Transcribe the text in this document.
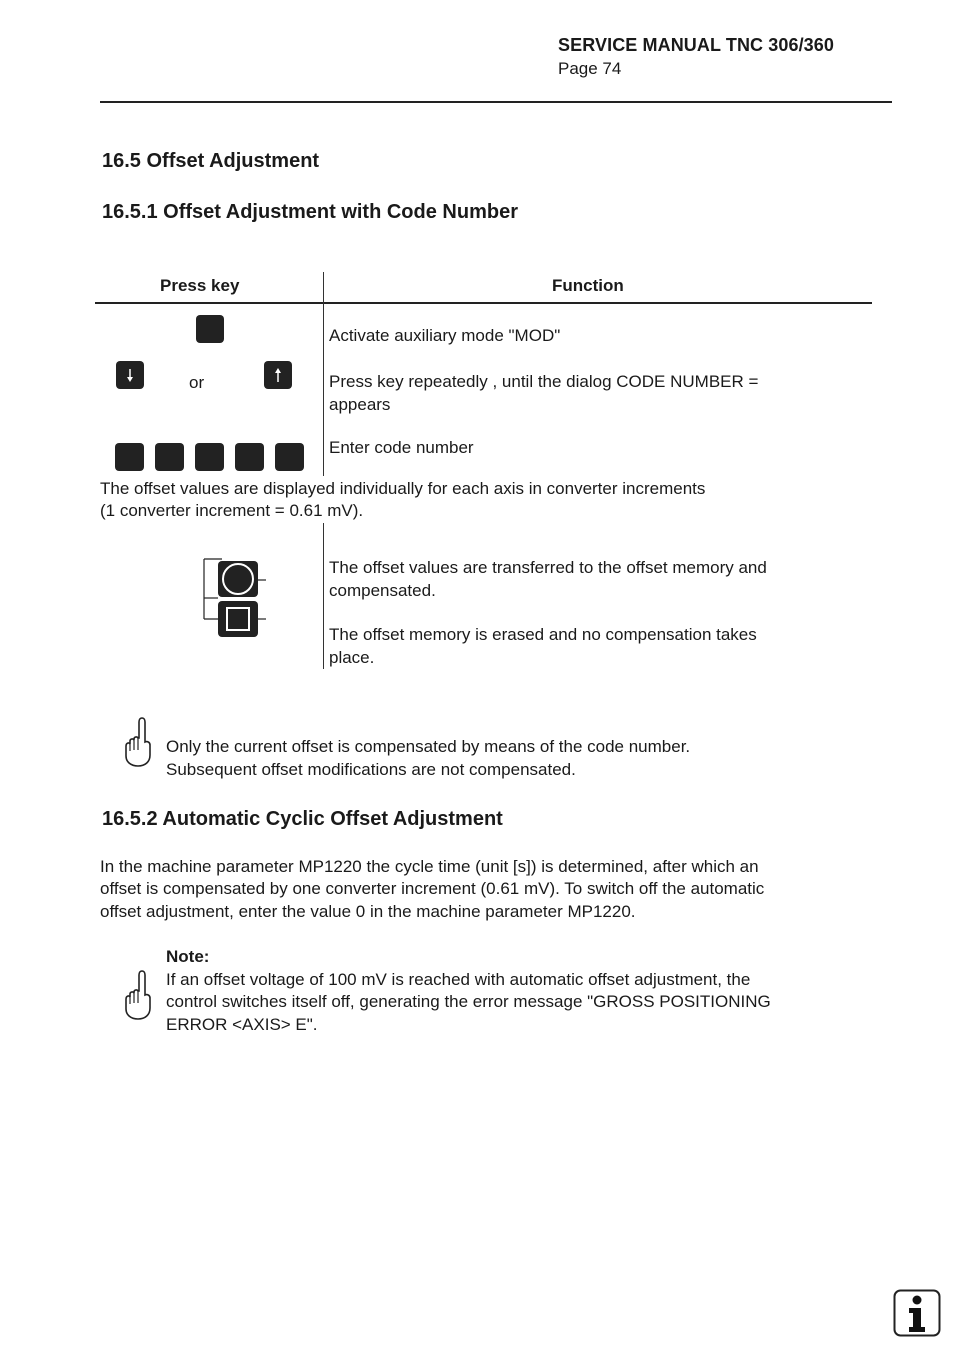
SERVICE MANUAL TNC 306/360
Page 74
16.5 Offset Adjustment
16.5.1 Offset Adjustment with Code Number
Press key	Function
Activate auxiliary mode "MOD"
or	Press key repeatedly , until the dialog CODE NUMBER =
appears
Enter code number
The offset values are displayed individually for each axis in converter increments
(1 converter increment = 0.61 mV).
The offset values are transferred to the offset memory and
compensated.
The offset memory is erased and no compensation takes
place.
Only the current offset is compensated by means of the code number.
Subsequent offset modifications are not compensated.
16.5.2 Automatic Cyclic Offset Adjustment
In the machine parameter MP1220 the cycle time (unit [s]) is determined, after which an
offset is compensated by one converter increment (0.61 mV). To switch off the automatic
offset adjustment, enter the value 0 in the machine parameter MP1220.
Note:
If an offset voltage of 100 mV is reached with automatic offset adjustment, the
control switches itself off, generating the error message "GROSS POSITIONING
ERROR <AXIS> E".
